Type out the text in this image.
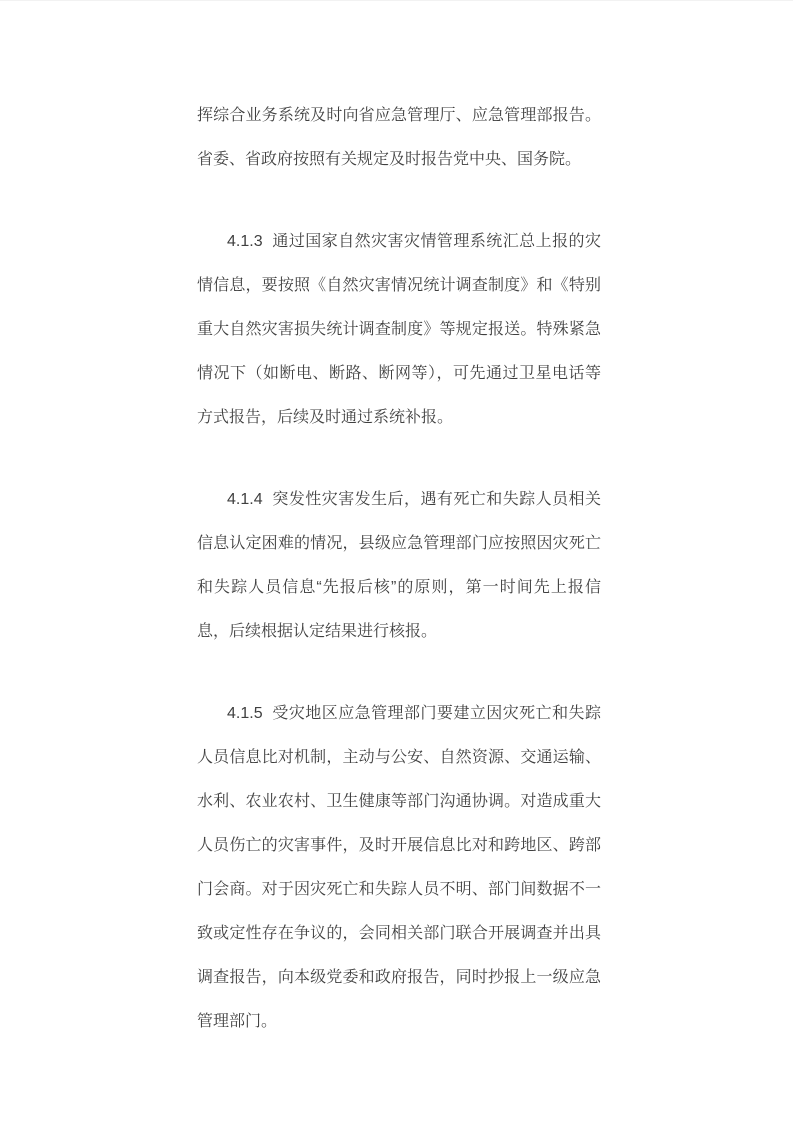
挥综合业务系统及时向省应急管理厅、应急管理部报告。
省委、省政府按照有关规定及时报告党中央、国务院。
4.1.3  通过国家自然灾害灾情管理系统汇总上报的灾
情信息，要按照《自然灾害情况统计调查制度》和《特别
重大自然灾害损失统计调查制度》等规定报送。特殊紧急
情况下（如断电、断路、断网等），可先通过卫星电话等
方式报告，后续及时通过系统补报。
4.1.4  突发性灾害发生后，遇有死亡和失踪人员相关
信息认定困难的情况，县级应急管理部门应按照因灾死亡
和失踪人员信息“先报后核”的原则，第一时间先上报信
息，后续根据认定结果进行核报。
4.1.5  受灾地区应急管理部门要建立因灾死亡和失踪
人员信息比对机制，主动与公安、自然资源、交通运输、
水利、农业农村、卫生健康等部门沟通协调。对造成重大
人员伤亡的灾害事件，及时开展信息比对和跨地区、跨部
门会商。对于因灾死亡和失踪人员不明、部门间数据不一
致或定性存在争议的，会同相关部门联合开展调查并出具
调查报告，向本级党委和政府报告，同时抄报上一级应急
管理部门。
